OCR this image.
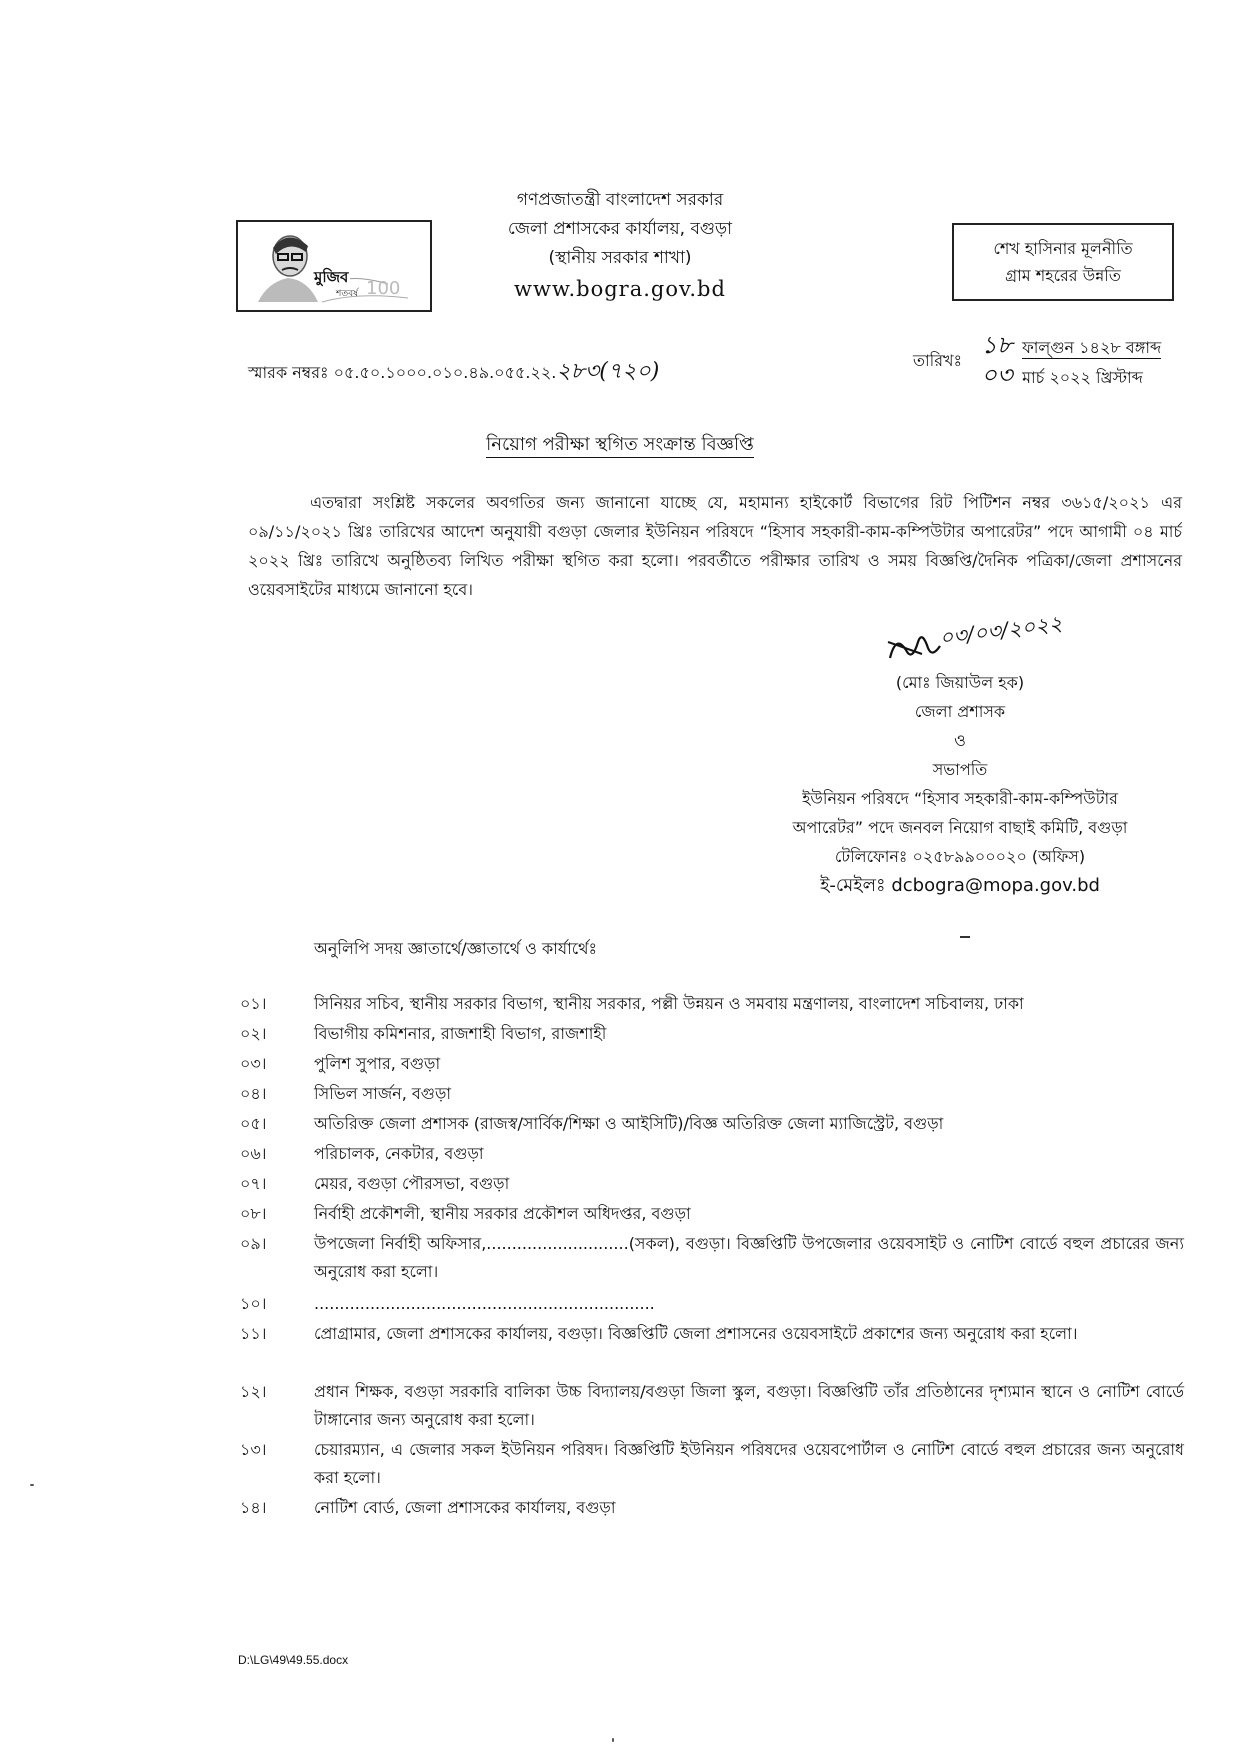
গণপ্রজাতন্ত্রী বাংলাদেশ সরকার
জেলা প্রশাসকের কার্যালয়, বগুড়া
(স্থানীয় সরকার শাখা)
www.bogra.gov.bd
মুজিব
শতবর্ষ 100
শেখ হাসিনার মূলনীতি
গ্রাম শহরের উন্নতি
স্মারক নম্বরঃ ০৫.৫০.১০০০.০১০.৪৯.০৫৫.২২.২৮৩(৭২০)	তারিখঃ
১৮ ফাল্গুন ১৪২৮ বঙ্গাব্দ
০৩ মার্চ ২০২২ খ্রিস্টাব্দ
নিয়োগ পরীক্ষা স্থগিত সংক্রান্ত বিজ্ঞপ্তি
এতদ্বারা সংশ্লিষ্ট সকলের অবগতির জন্য জানানো যাচ্ছে যে, মহামান্য হাইকোর্ট বিভাগের রিট পিটিশন নম্বর ৩৬১৫/২০২১ এর ০৯/১১/২০২১ খ্রিঃ তারিখের আদেশ অনুযায়ী বগুড়া জেলার ইউনিয়ন পরিষদে “হিসাব সহকারী-কাম-কম্পিউটার অপারেটর” পদে আগামী ০৪ মার্চ ২০২২ খ্রিঃ তারিখে অনুষ্ঠিতব্য লিখিত পরীক্ষা স্থগিত করা হলো। পরবর্তীতে পরীক্ষার তারিখ ও সময় বিজ্ঞপ্তি/দৈনিক পত্রিকা/জেলা প্রশাসনের ওয়েবসাইটের মাধ্যমে জানানো হবে।
০৩/০৩/২০২২
(মোঃ জিয়াউল হক)
জেলা প্রশাসক
ও
সভাপতি
ইউনিয়ন পরিষদে “হিসাব সহকারী-কাম-কম্পিউটার
অপারেটর” পদে জনবল নিয়োগ বাছাই কমিটি, বগুড়া
টেলিফোনঃ ০২৫৮৯৯০০০২০ (অফিস)
ই-মেইলঃ dcbogra@mopa.gov.bd
অনুলিপি সদয় জ্ঞাতার্থে/জ্ঞাতার্থে ও কার্যার্থেঃ
০১।	সিনিয়র সচিব, স্থানীয় সরকার বিভাগ, স্থানীয় সরকার, পল্লী উন্নয়ন ও সমবায় মন্ত্রণালয়, বাংলাদেশ সচিবালয়, ঢাকা
০২।	বিভাগীয় কমিশনার, রাজশাহী বিভাগ, রাজশাহী
০৩।	পুলিশ সুপার, বগুড়া
০৪।	সিভিল সার্জন, বগুড়া
০৫।	অতিরিক্ত জেলা প্রশাসক (রাজস্ব/সার্বিক/শিক্ষা ও আইসিটি)/বিজ্ঞ অতিরিক্ত জেলা ম্যাজিস্ট্রেট, বগুড়া
০৬।	পরিচালক, নেকটার, বগুড়া
০৭।	মেয়র, বগুড়া পৌরসভা, বগুড়া
০৮।	নির্বাহী প্রকৌশলী, স্থানীয় সরকার প্রকৌশল অধিদপ্তর, বগুড়া
০৯।	উপজেলা নির্বাহী অফিসার,............................(সকল), বগুড়া। বিজ্ঞপ্তিটি উপজেলার ওয়েবসাইট ও নোটিশ বোর্ডে বহুল প্রচারের জন্য অনুরোধ করা হলো।
১০।	...................................................................
১১।	প্রোগ্রামার, জেলা প্রশাসকের কার্যালয়, বগুড়া। বিজ্ঞপ্তিটি জেলা প্রশাসনের ওয়েবসাইটে প্রকাশের জন্য অনুরোধ করা হলো।
১২।	প্রধান শিক্ষক, বগুড়া সরকারি বালিকা উচ্চ বিদ্যালয়/বগুড়া জিলা স্কুল, বগুড়া। বিজ্ঞপ্তিটি তাঁর প্রতিষ্ঠানের দৃশ্যমান স্থানে ও নোটিশ বোর্ডে টাঙ্গানোর জন্য অনুরোধ করা হলো।
১৩।	চেয়ারম্যান, এ জেলার সকল ইউনিয়ন পরিষদ। বিজ্ঞপ্তিটি ইউনিয়ন পরিষদের ওয়েবপোর্টাল ও নোটিশ বোর্ডে বহুল প্রচারের জন্য অনুরোধ করা হলো।
১৪।	নোটিশ বোর্ড, জেলা প্রশাসকের কার্যালয়, বগুড়া
D:\LG\49\49.55.docx
